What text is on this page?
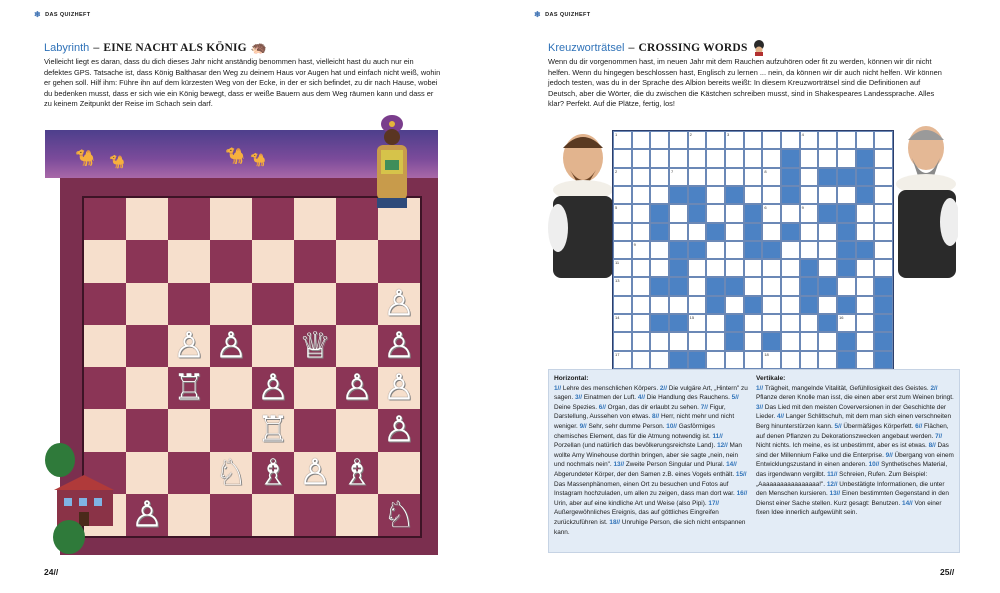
❄ DAS QUIZHEFT
Labyrinth – EINE NACHT ALS KÖNIG 🦔
Vielleicht liegt es daran, dass du dich dieses Jahr nicht anständig benommen hast, vielleicht hast du auch nur ein
defektes GPS. Tatsache ist, dass König Balthasar den Weg zu deinem Haus vor Augen hat und einfach nicht weiß, wohin
er gehen soll. Hilf ihm: Führe ihn auf dem kürzesten Weg von der Ecke, in der er sich befindet, zu dir nach Hause, wobei
du bedenken musst, dass er sich wie ein König bewegt, dass er weiße Bauern aus dem Weg räumen kann und dass er
zu keinem Zeitpunkt der Reise im Schach sein darf.
🐪 🐪	🐪 🐪
♙
♙ ♙ ♕ ♙
♖ ♙ ♙ ♙
♖	♙
♘ ♗ ♙ ♗
♙	♘
24//
❄ DAS QUIZHEFT
Kreuzworträtsel – CROSSING WORDS
Wenn du dir vorgenommen hast, im neuen Jahr mit dem Rauchen aufzuhören oder fit zu werden, können wir dir nicht
helfen. Wenn du hingegen beschlossen hast, Englisch zu lernen ... nein, da können wir dir auch nicht helfen. Wir können
jedoch testen, was du in der Sprache des Albion bereits weißt: In diesem Kreuzworträtsel sind die Definitionen auf
Deutsch, aber die Wörter, die du zwischen die Kästchen schreiben musst, sind in Shakespeares Landessprache. Alles
klar? Perfekt. Auf die Plätze, fertig, los!
1	2	3	4
2	7	8
5	6	9
9
11
13
14	15	16
17	18
Horizontal:
1// Lehre des menschlichen Körpers. 2// Die vulgäre Art, „Hintern" zu sagen. 3// Einatmen der Luft. 4// Die Handlung des Rauchens. 5// Deine Spezies. 6// Organ, das dir erlaubt zu sehen. 7// Figur, Darstellung, Aussehen von etwas. 8// Herr, nicht mehr und nicht weniger. 9// Sehr, sehr dumme Person. 10// Gasförmiges chemisches Element, das für die Atmung notwendig ist. 11// Porzellan (und natürlich das bevölkerungsreichste Land). 12// Man wollte Amy Winehouse dorthin bringen, aber sie sagte „nein, nein und nochmals nein". 13// Zweite Person Singular und Plural. 14// Abgerundeter Körper, der den Samen z.B. eines Vogels enthält. 15// Das Massenphänomen, einen Ort zu besuchen und Fotos auf Instagram hochzuladen, um allen zu zeigen, dass man dort war. 16// Urin, aber auf eine kindliche Art und Weise (also Pipi). 17// Außergewöhnliches Ereignis, das auf göttliches Eingreifen zurückzuführen ist. 18// Unruhige Person, die sich nicht entspannen kann.
Vertikale:
1// Trägheit, mangelnde Vitalität, Gefühllosigkeit des Geistes. 2// Pflanze deren Knolle man isst, die einen aber erst zum Weinen bringt. 3// Das Lied mit den meisten Coverversionen in der Geschichte der Lieder. 4// Langer Schlittschuh, mit dem man sich einen verschneiten Berg hinunterstürzen kann. 5// Übermäßiges Körperfett. 6// Flächen, auf denen Pflanzen zu Dekorationszwecken angebaut werden. 7// Nicht nichts. Ich meine, es ist unbestimmt, aber es ist etwas. 8// Das sind der Millennium Falke und die Enterprise. 9// Übergang von einem Entwicklungszustand in einen anderen. 10// Synthetisches Material, das irgendwann vergilbt. 11// Schreien, Rufen. Zum Beispiel: „Aaaaaaaaaaaaaaaaa!". 12// Unbestätigte Informationen, die unter den Menschen kursieren. 13// Einen bestimmten Gegenstand in den Dienst einer Sache stellen. Kurz gesagt: Benutzen. 14// Von einer fixen Idee innerlich aufgewühlt sein.
25//
